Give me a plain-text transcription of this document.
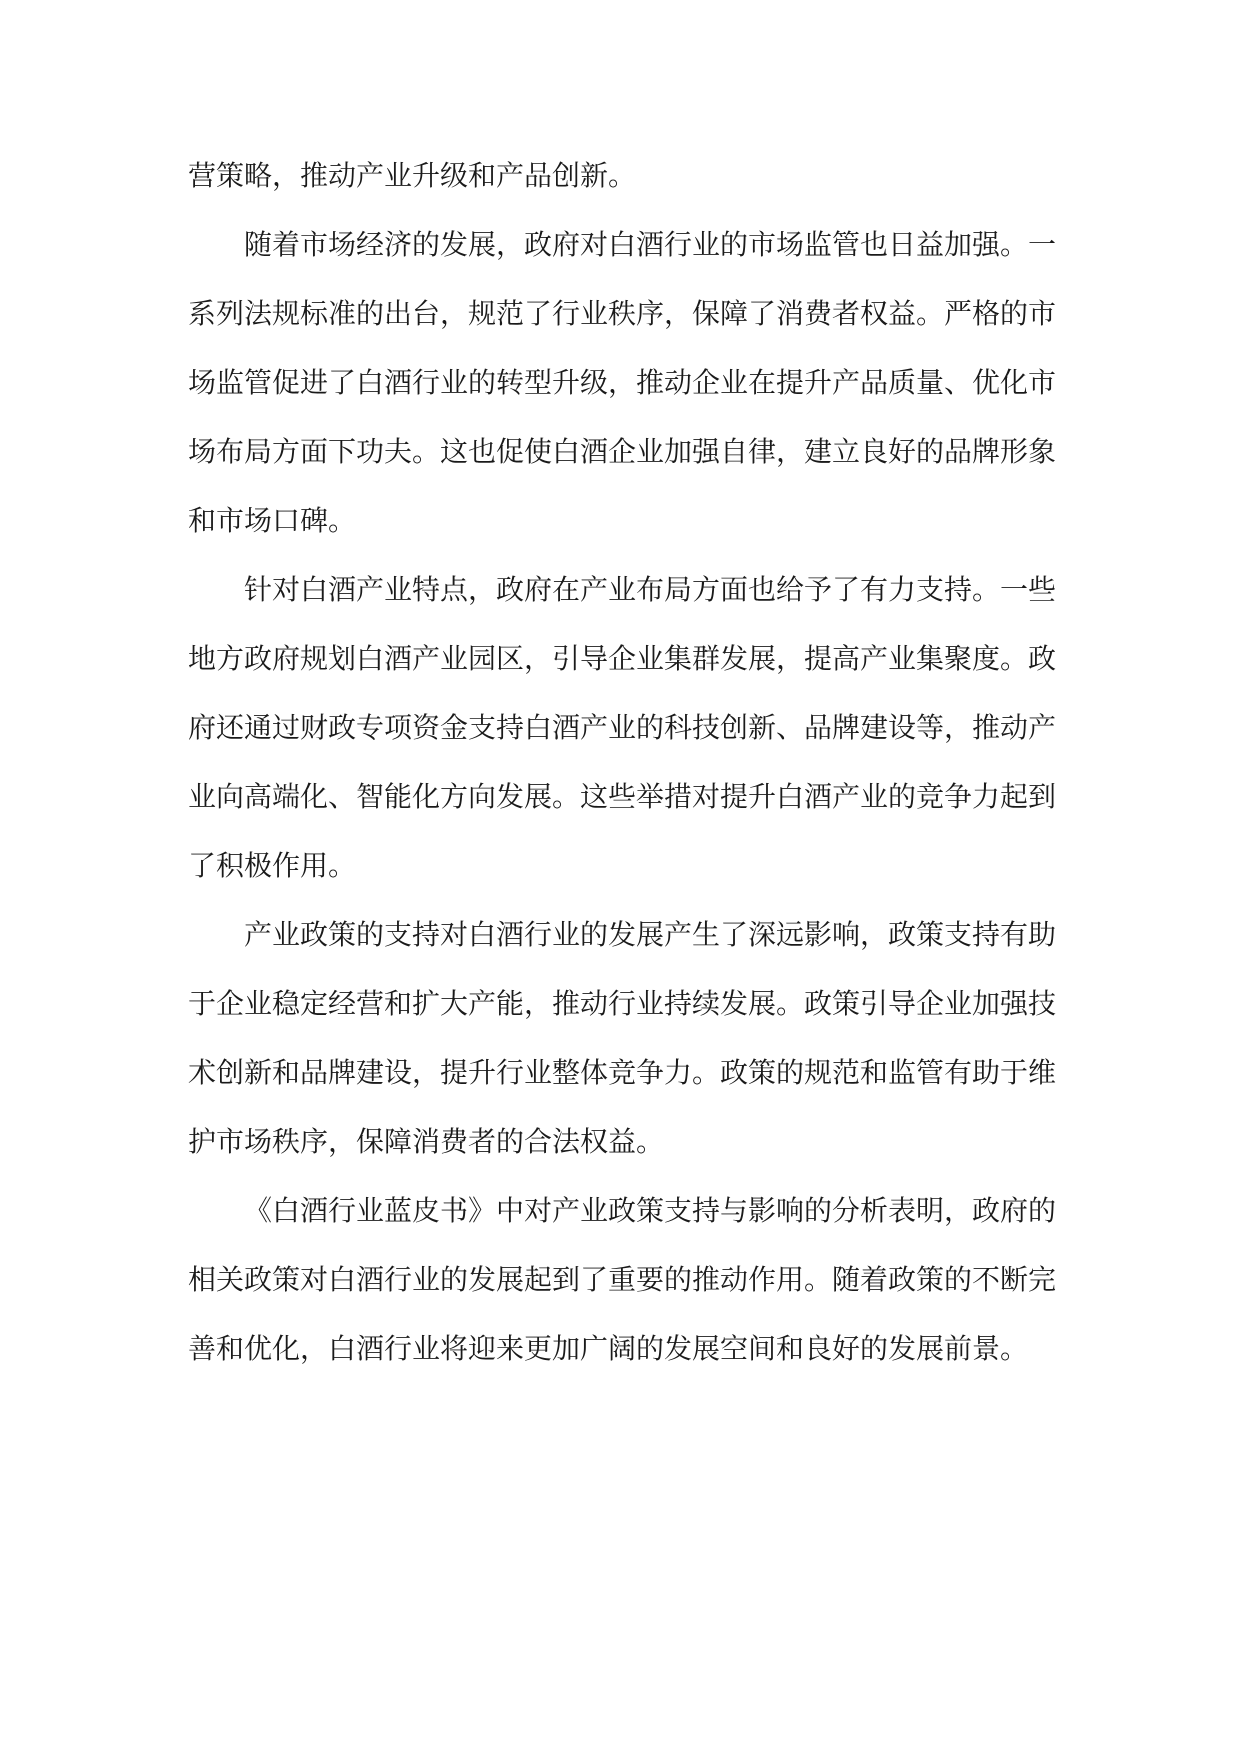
营策略，推动产业升级和产品创新。

随着市场经济的发展，政府对白酒行业的市场监管也日益加强。一系列法规标准的出台，规范了行业秩序，保障了消费者权益。严格的市场监管促进了白酒行业的转型升级，推动企业在提升产品质量、优化市场布局方面下功夫。这也促使白酒企业加强自律，建立良好的品牌形象和市场口碑。

针对白酒产业特点，政府在产业布局方面也给予了有力支持。一些地方政府规划白酒产业园区，引导企业集群发展，提高产业集聚度。政府还通过财政专项资金支持白酒产业的科技创新、品牌建设等，推动产业向高端化、智能化方向发展。这些举措对提升白酒产业的竞争力起到了积极作用。

产业政策的支持对白酒行业的发展产生了深远影响，政策支持有助于企业稳定经营和扩大产能，推动行业持续发展。政策引导企业加强技术创新和品牌建设，提升行业整体竞争力。政策的规范和监管有助于维护市场秩序，保障消费者的合法权益。

《白酒行业蓝皮书》中对产业政策支持与影响的分析表明，政府的相关政策对白酒行业的发展起到了重要的推动作用。随着政策的不断完善和优化，白酒行业将迎来更加广阔的发展空间和良好的发展前景。
